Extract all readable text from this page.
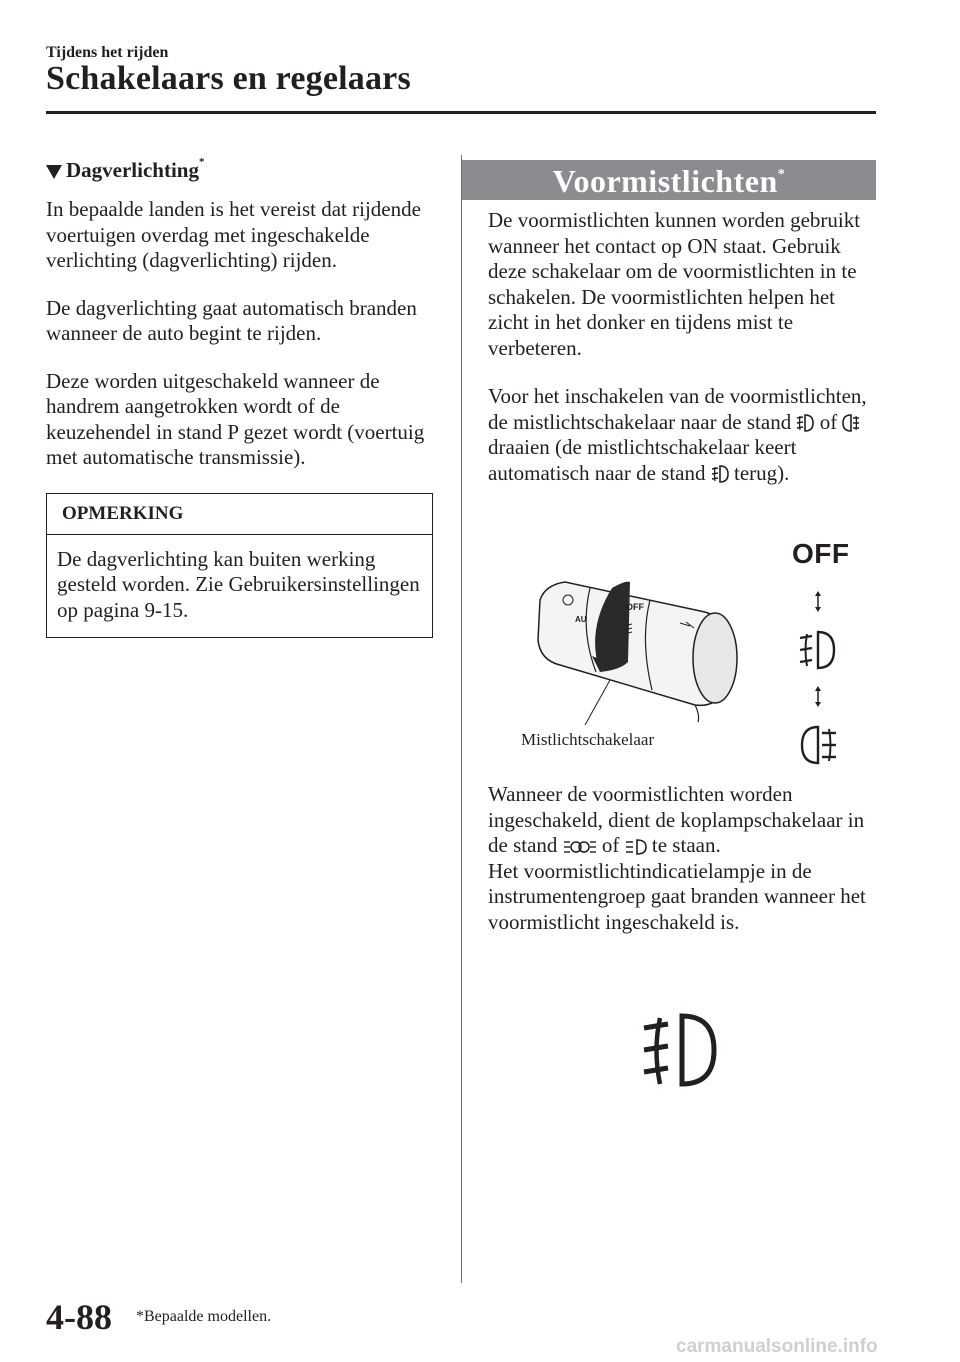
Tijdens het rijden
Schakelaars en regelaars
Dagverlichting *

In bepaalde landen is het vereist dat rijdende voertuigen overdag met ingeschakelde verlichting (dagverlichting) rijden.

De dagverlichting gaat automatisch branden wanneer de auto begint te rijden.

Deze worden uitgeschakeld wanneer de handrem aangetrokken wordt of de keuzehendel in stand P gezet wordt (voertuig met automatische transmissie).

OPMERKING
De dagverlichting kan buiten werking gesteld worden. Zie Gebruikersinstellingen op pagina 9-15.
Voormistlichten*

De voormistlichten kunnen worden gebruikt wanneer het contact op ON staat. Gebruik deze schakelaar om de voormistlichten in te schakelen. De voormistlichten helpen het zicht in het donker en tijdens mist te verbeteren.

Voor het inschakelen van de voormistlichten, de mistlichtschakelaar naar de stand of
draaien (de mistlichtschakelaar keert automatisch naar de stand terug).

OFF
AU
OFF
Mistlichtschakelaar

Wanneer de voormistlichten worden ingeschakeld, dient de koplampschakelaar in de stand of te staan.
Het voormistlichtindicatielampje in de instrumentengroep gaat branden wanneer het voormistlicht ingeschakeld is.

4-88 *Bepaalde modellen.
carmanualsonline.info
